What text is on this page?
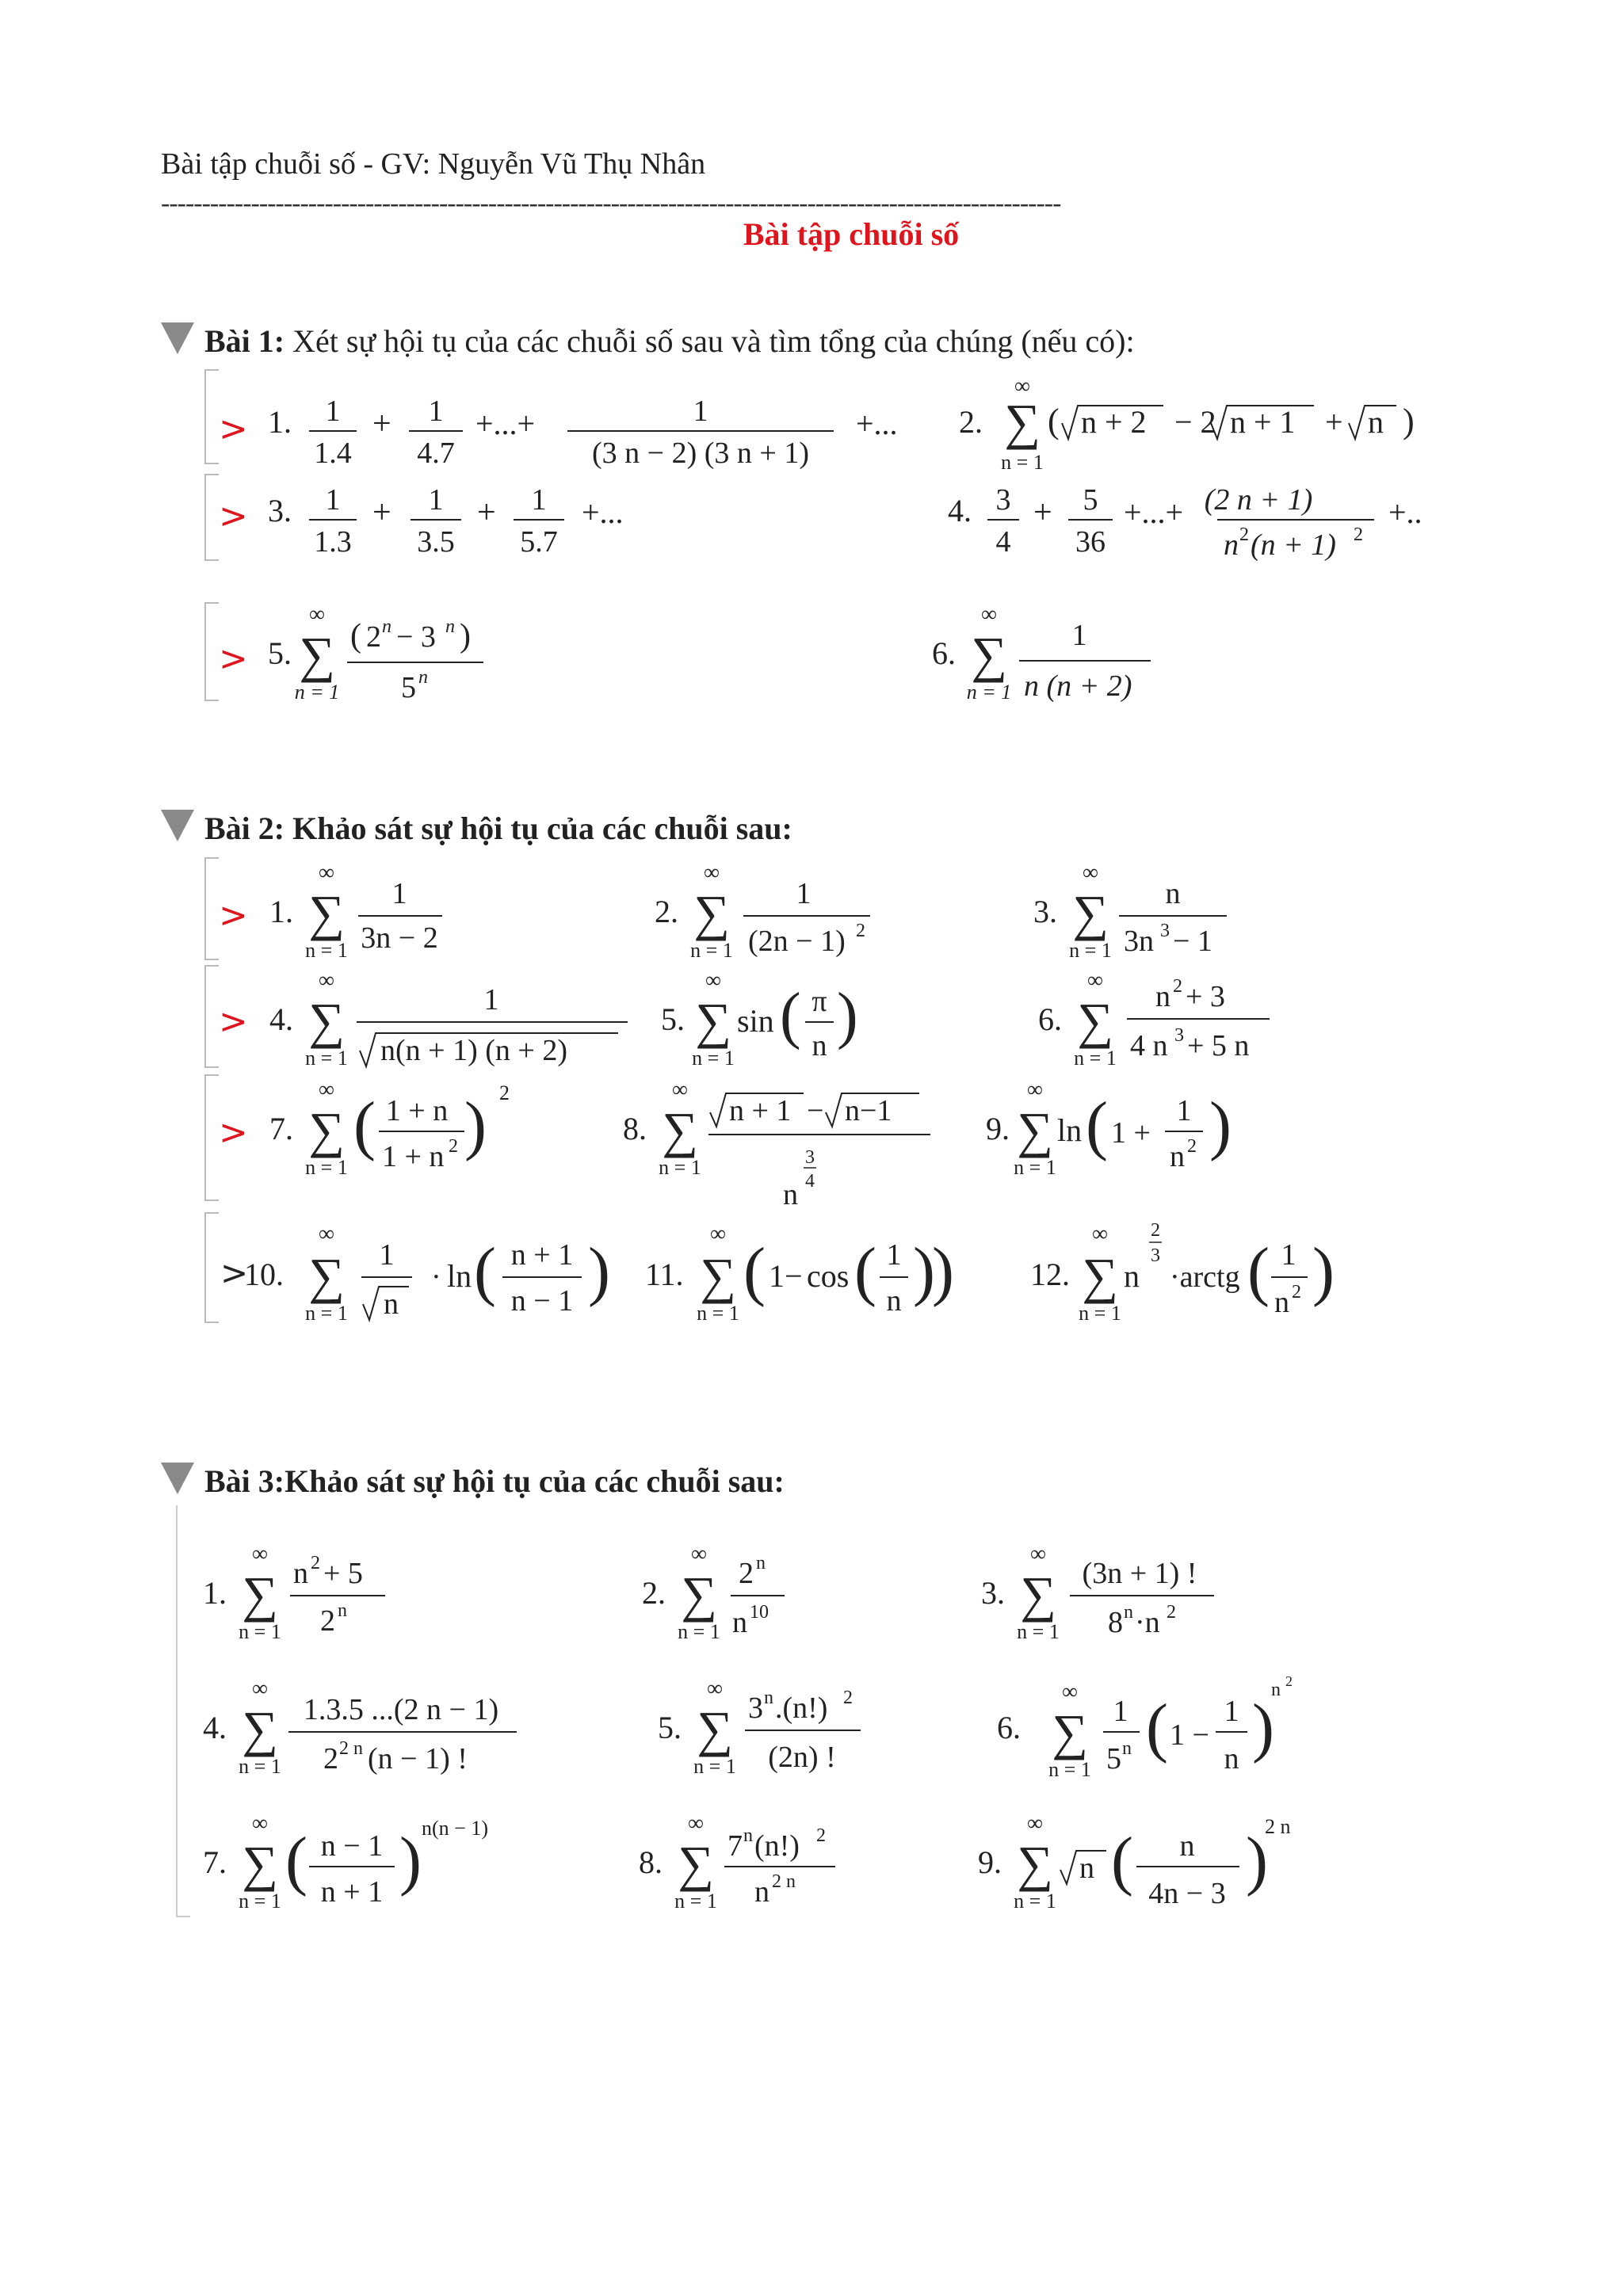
Bài tập chuỗi số - GV: Nguyễn Vũ Thụ Nhân
--------------------------------------------------------------------------------------------------------------
Bài tập chuỗi số
Bài 1: Xét sự hội tụ của các chuỗi số sau và tìm tổng của chúng (nếu có):
>
>
>
1. 1
1.4
+ 1
4.7
+...+	1
(3 n − 2) (3 n + 1)
+... 2.
∞
∑
n = 1
( n + 2 − 2 n + 1 + n )
3. 1
1.3
+ 1
3.5
+ 1
5.7
+...	4. 3
4
+ 5
36
+...+ (2 n + 1)
n 2 (n + 1) 2
+..
5.
∞
∑
n = 1
( 2 n − 3 n )
5 n
6.
∞
∑
n = 1
1
n (n + 2)
Bài 2: Khảo sát sự hội tụ của các chuỗi sau:
>
>
>
>
1.
∞
∑
n = 1
1
3n − 2
2.
∞
∑
n = 1
1
(2n − 1) 2
3.
∞
∑
n = 1
n
3n 3 − 1
4.
∞
∑
n = 1
1
n(n + 1) (n + 2)
5.
∞
∑
n = 1
sin ( π
n )	6.
∞
∑
n = 1
n 2 + 3
4 n 3 + 5 n
7.
∞
∑
n = 1
( 1 + n
1 + n 2 ) 2
8.
∞
∑
n = 1
n + 1 − n−1
3
4
n
9.
∞
∑
n = 1
ln ( 1 +
1
n 2 )
10.
∞
∑
n = 1
1
n
· ln ( n + 1
n − 1 ) 11.
∞
∑
n = 1
( 1− cos ( 1
n )
) 12.
∞
∑
n = 1
n
2
3
·arctg ( 1
n 2 )
Bài 3:Khảo sát sự hội tụ của các chuỗi sau:
1.
∞
∑
n = 1
n 2 + 5
2 n	2.
∞
∑
n = 1
2 n
n 10
3.
∞
∑
n = 1
(3n + 1) !
8 n ·n 2
4.
∞
∑
n = 1
1.3.5 ...(2 n − 1)
2 2 n (n − 1) !
5.
∞
∑
n = 1
3 n .(n!) 2
(2n) !
6.
∞
∑
n = 1
1
5 n ( 1 −
1
n )
n 2
7.
∞
∑
n = 1
( n − 1
n + 1 ) n(n − 1)
8.
∞
∑
n = 1
7 n (n!) 2
n 2 n
9.
∞
∑
n = 1
n ( n
4n − 3 )
2 n
